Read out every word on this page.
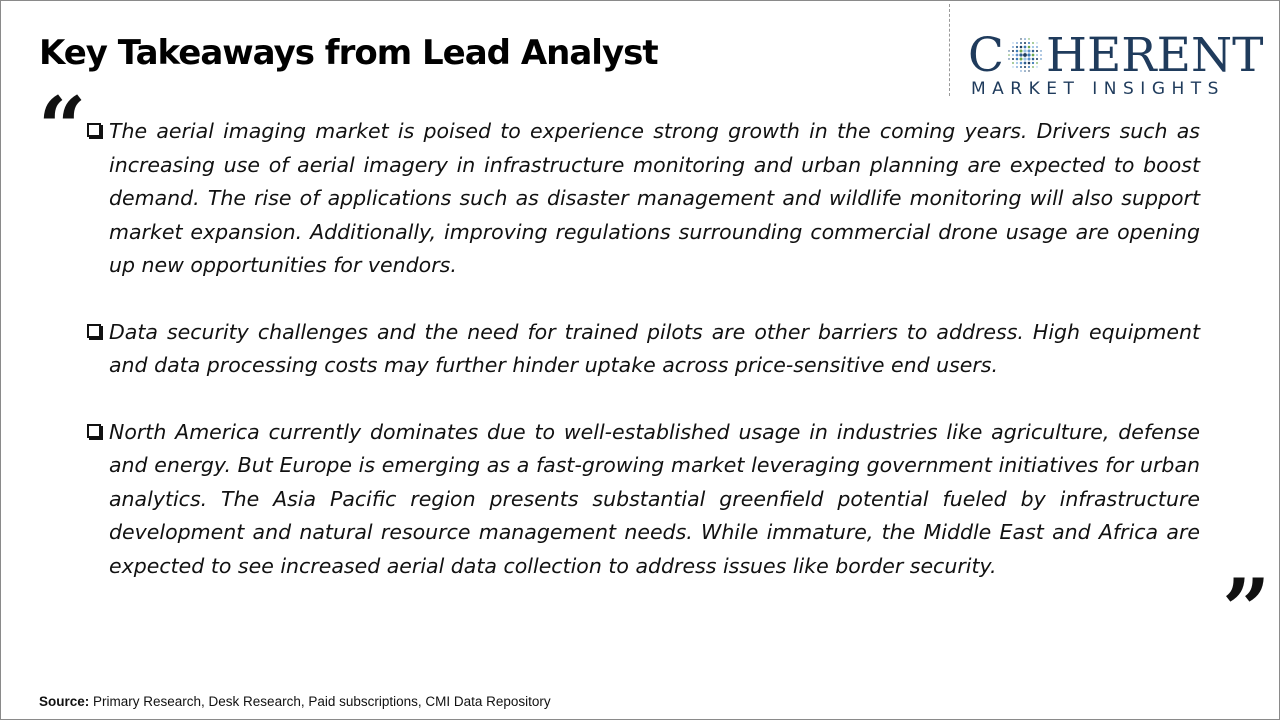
Key Takeaways from Lead Analyst	C HERENT
MARKET INSIGHTS
“	The aerial imaging market is poised to experience strong growth in the coming years. Drivers such as increasing use of aerial imagery in infrastructure monitoring and urban planning are expected to boost demand. The rise of applications such as disaster management and wildlife monitoring will also support market expansion. Additionally, improving regulations surrounding commercial drone usage are opening up new opportunities for vendors.
Data security challenges and the need for trained pilots are other barriers to address. High equipment and data processing costs may further hinder uptake across price-sensitive end users.
North America currently dominates due to well-established usage in industries like agriculture, defense and energy. But Europe is emerging as a fast-growing market leveraging government initiatives for urban analytics. The Asia Pacific region presents substantial greenfield potential fueled by infrastructure development and natural resource management needs. While immature, the Middle East and Africa are expected to see increased aerial data collection to address issues like border security.	”
Source: Primary Research, Desk Research, Paid subscriptions, CMI Data Repository
